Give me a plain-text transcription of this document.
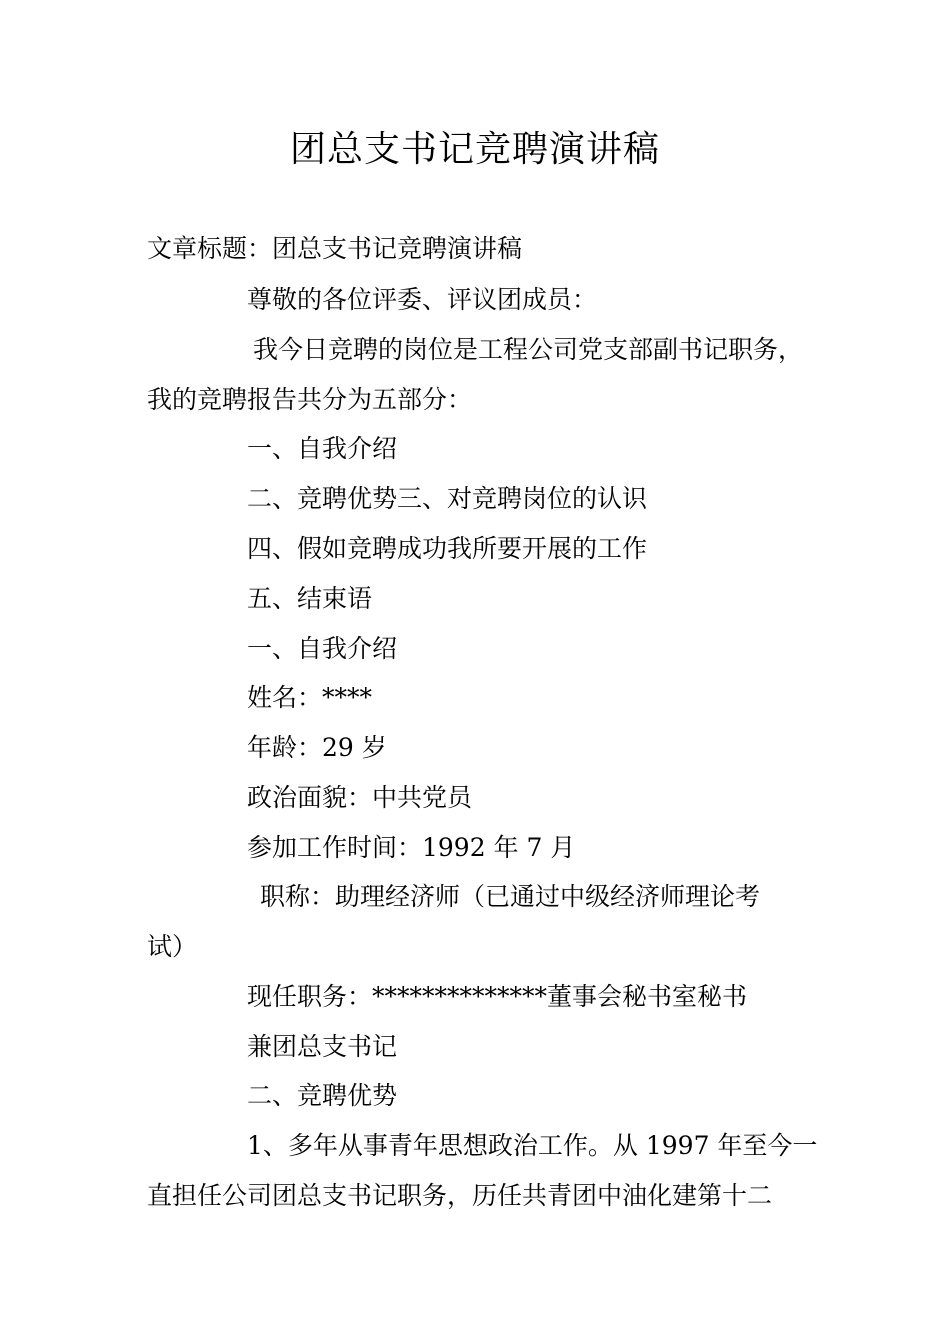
团总支书记竞聘演讲稿
文章标题：团总支书记竞聘演讲稿
尊敬的各位评委、评议团成员：
我今日竞聘的岗位是工程公司党支部副书记职务，
我的竞聘报告共分为五部分：
一、自我介绍
二、竞聘优势三、对竞聘岗位的认识
四、假如竞聘成功我所要开展的工作
五、结束语
一、自我介绍
姓名：****
年龄：29 岁
政治面貌：中共党员
参加工作时间：1992 年 7 月
职称：助理经济师（已通过中级经济师理论考
试）
现任职务：**************董事会秘书室秘书
兼团总支书记
二、竞聘优势
1、多年从事青年思想政治工作。从 1997 年至今一
直担任公司团总支书记职务，历任共青团中油化建第十二
